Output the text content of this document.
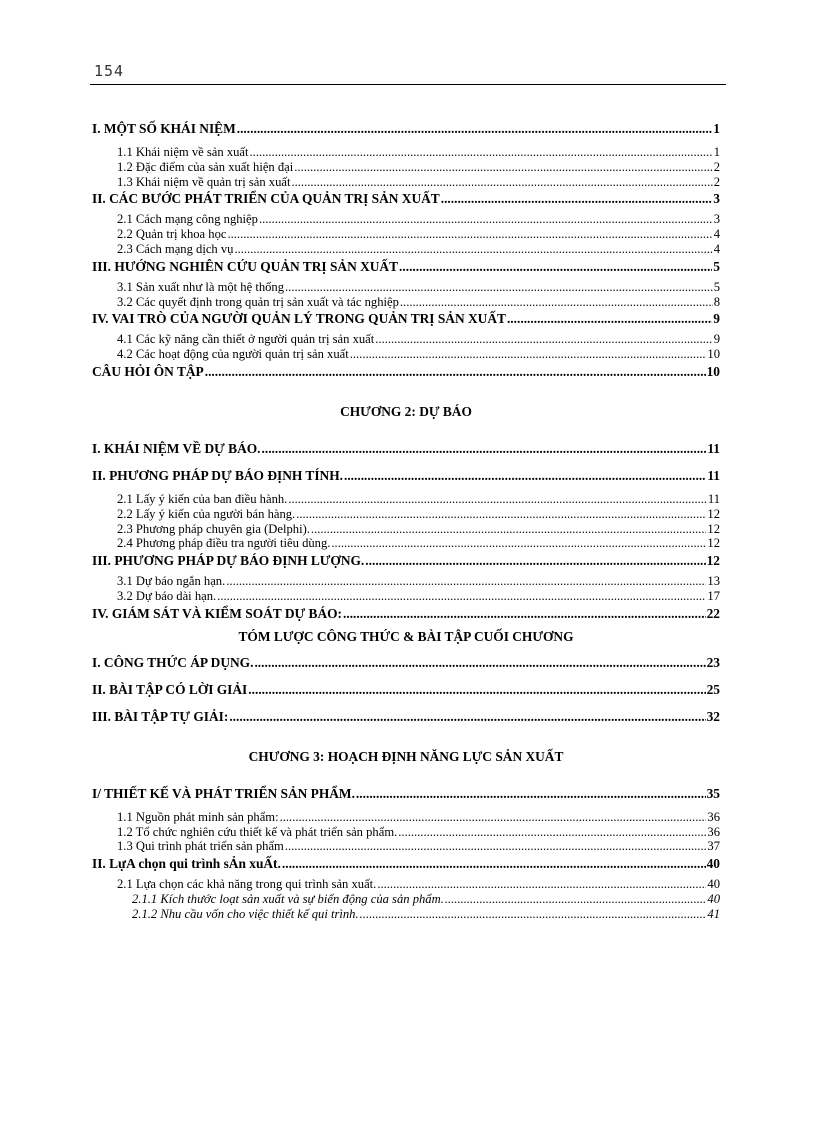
154
I. MỘT SỐ KHÁI NIỆM .....	1
1.1 Khái niệm về sản xuất .....	1
1.2 Đặc điểm của sản xuất hiện đại .....	2
1.3 Khái niệm về quản trị sản xuất .....	2
II. CÁC BƯỚC PHÁT TRIỂN CỦA QUẢN TRỊ SẢN XUẤT .....	3
2.1 Cách mạng công nghiệp .....	3
2.2 Quản trị khoa học .....	4
2.3 Cách mạng dịch vụ .....	4
III. HƯỚNG NGHIÊN CỨU QUẢN TRỊ SẢN XUẤT .....	5
3.1 Sản xuất như là một hệ thống .....	5
3.2 Các quyết định trong quản trị sản xuất và tác nghiệp .....	8
IV. VAI TRÒ CỦA NGƯỜI QUẢN LÝ TRONG QUẢN TRỊ SẢN XUẤT .....	9
4.1 Các kỹ năng cần thiết ở người quản trị sản xuất .....	9
4.2 Các hoạt động của người quản trị sản xuất .....	10
CÂU HỎI ÔN TẬP .....	10
CHƯƠNG 2: DỰ BÁO
I. KHÁI NIỆM VỀ DỰ BÁO. .....	11
II. PHƯƠNG PHÁP DỰ BÁO ĐỊNH TÍNH. .....	11
2.1 Lấy ý kiến của ban điều hành. .....	11
2.2 Lấy ý kiến của người bán hàng. .....	12
2.3 Phương pháp chuyên gia (Delphi). .....	12
2.4 Phương pháp điều tra người tiêu dùng. .....	12
III. PHƯƠNG PHÁP DỰ BÁO ĐỊNH LƯỢNG. .....	12
3.1 Dự báo ngắn hạn. .....	13
3.2 Dự báo dài hạn. .....	17
IV. GIÁM SÁT VÀ KIỂM SOÁT DỰ BÁO: .....	22
TÓM LƯỢC CÔNG THỨC & BÀI TẬP CUỐI CHƯƠNG
I. CÔNG THỨC ÁP DỤNG. .....	23
II. BÀI TẬP CÓ LỜI GIẢI .....	25
III. BÀI TẬP TỰ GIẢI: .....	32
CHƯƠNG 3: HOẠCH ĐỊNH NĂNG LỰC SẢN XUẤT
I/ THIẾT KẾ VÀ PHÁT TRIỂN SẢN PHẨM. .....	35
1.1 Nguồn phát minh sản phẩm: .....	36
1.2 Tổ chức nghiên cứu thiết kế và phát triển sản phẩm. .....	36
1.3 Qui trình phát triển sản phẩm .....	37
II. LựA chọn qui trình sẢn xuẤt. .....	40
2.1 Lựa chọn các khả năng trong qui trình sản xuất. .....	40
2.1.1 Kích thước loạt sản xuất và sự biến động của sản phẩm. .....	40
2.1.2 Nhu cầu vốn cho việc thiết kế qui trình. .....	41
